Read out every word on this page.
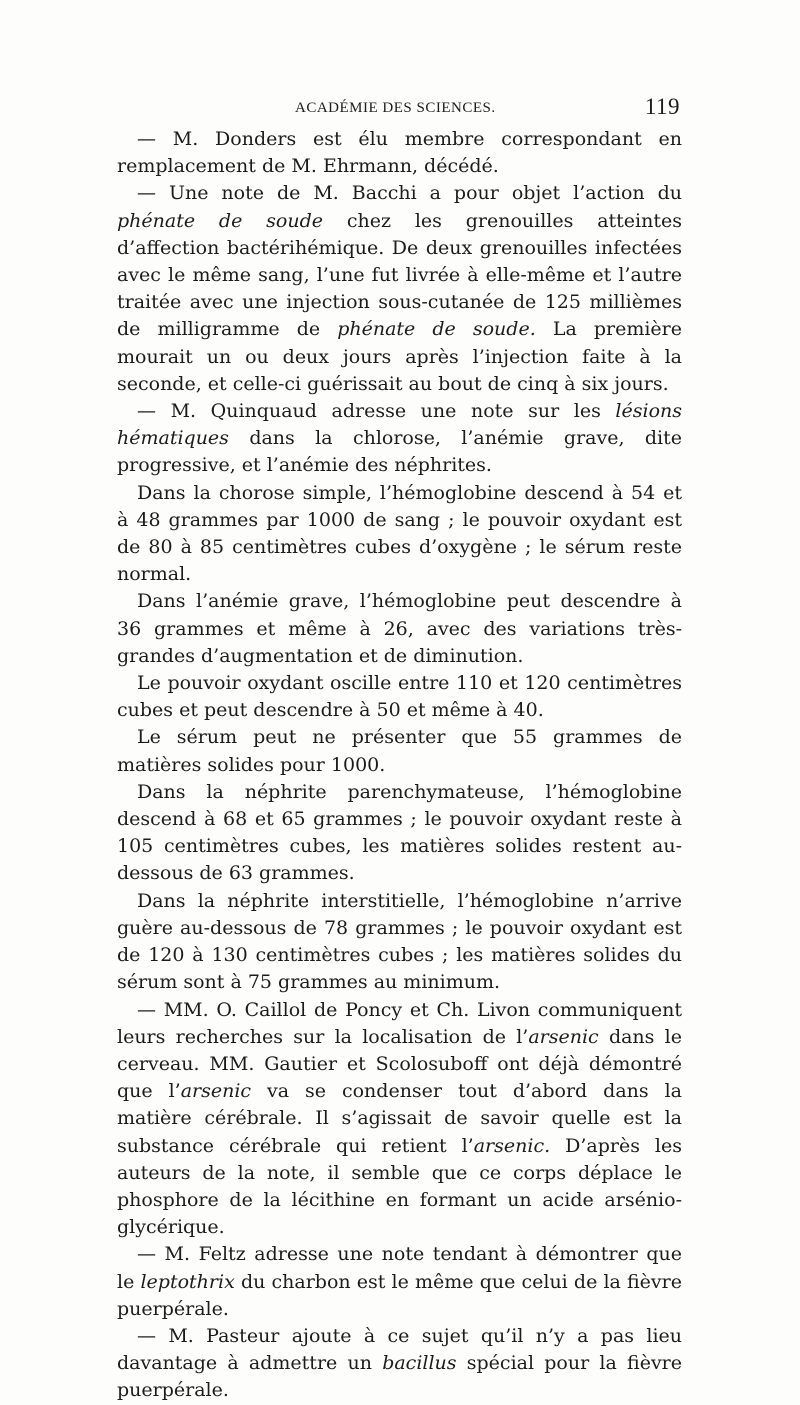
ACADÉMIE DES SCIENCES.	119

— M. Donders est élu membre correspondant en remplacement de M. Ehrmann, décédé.

— Une note de M. Bacchi a pour objet l’action du phénate de soude chez les grenouilles atteintes d’affection bactérihémique. De deux grenouilles infectées avec le même sang, l’une fut livrée à elle-même et l’autre traitée avec une injection sous-cutanée de 125 millièmes de milligramme de phénate de soude. La première mourait un ou deux jours après l’injection faite à la seconde, et celle-ci guérissait au bout de cinq à six jours.

— M. Quinquaud adresse une note sur les lésions hématiques dans la chlorose, l’anémie grave, dite progressive, et l’anémie des néphrites.

Dans la chorose simple, l’hémoglobine descend à 54 et à 48 grammes par 1000 de sang ; le pouvoir oxydant est de 80 à 85 centimètres cubes d’oxygène ; le sérum reste normal.

Dans l’anémie grave, l’hémoglobine peut descendre à 36 grammes et même à 26, avec des variations très-grandes d’augmentation et de diminution.

Le pouvoir oxydant oscille entre 110 et 120 centimètres cubes et peut descendre à 50 et même à 40.

Le sérum peut ne présenter que 55 grammes de matières solides pour 1000.

Dans la néphrite parenchymateuse, l’hémoglobine descend à 68 et 65 grammes ; le pouvoir oxydant reste à 105 centimètres cubes, les matières solides restent au-dessous de 63 grammes.

Dans la néphrite interstitielle, l’hémoglobine n’arrive guère au-dessous de 78 grammes ; le pouvoir oxydant est de 120 à 130 centimètres cubes ; les matières solides du sérum sont à 75 grammes au minimum.

— MM. O. Caillol de Poncy et Ch. Livon communiquent leurs recherches sur la localisation de l’arsenic dans le cerveau. MM. Gautier et Scolosuboff ont déjà démontré que l’arsenic va se condenser tout d’abord dans la matière cérébrale. Il s’agissait de savoir quelle est la substance cérébrale qui retient l’arsenic. D’après les auteurs de la note, il semble que ce corps déplace le phosphore de la lécithine en formant un acide arsénio-glycérique.

— M. Feltz adresse une note tendant à démontrer que le leptothrix du charbon est le même que celui de la fièvre puerpérale.

— M. Pasteur ajoute à ce sujet qu’il n’y a pas lieu davantage à admettre un bacillus spécial pour la fièvre puerpérale.
